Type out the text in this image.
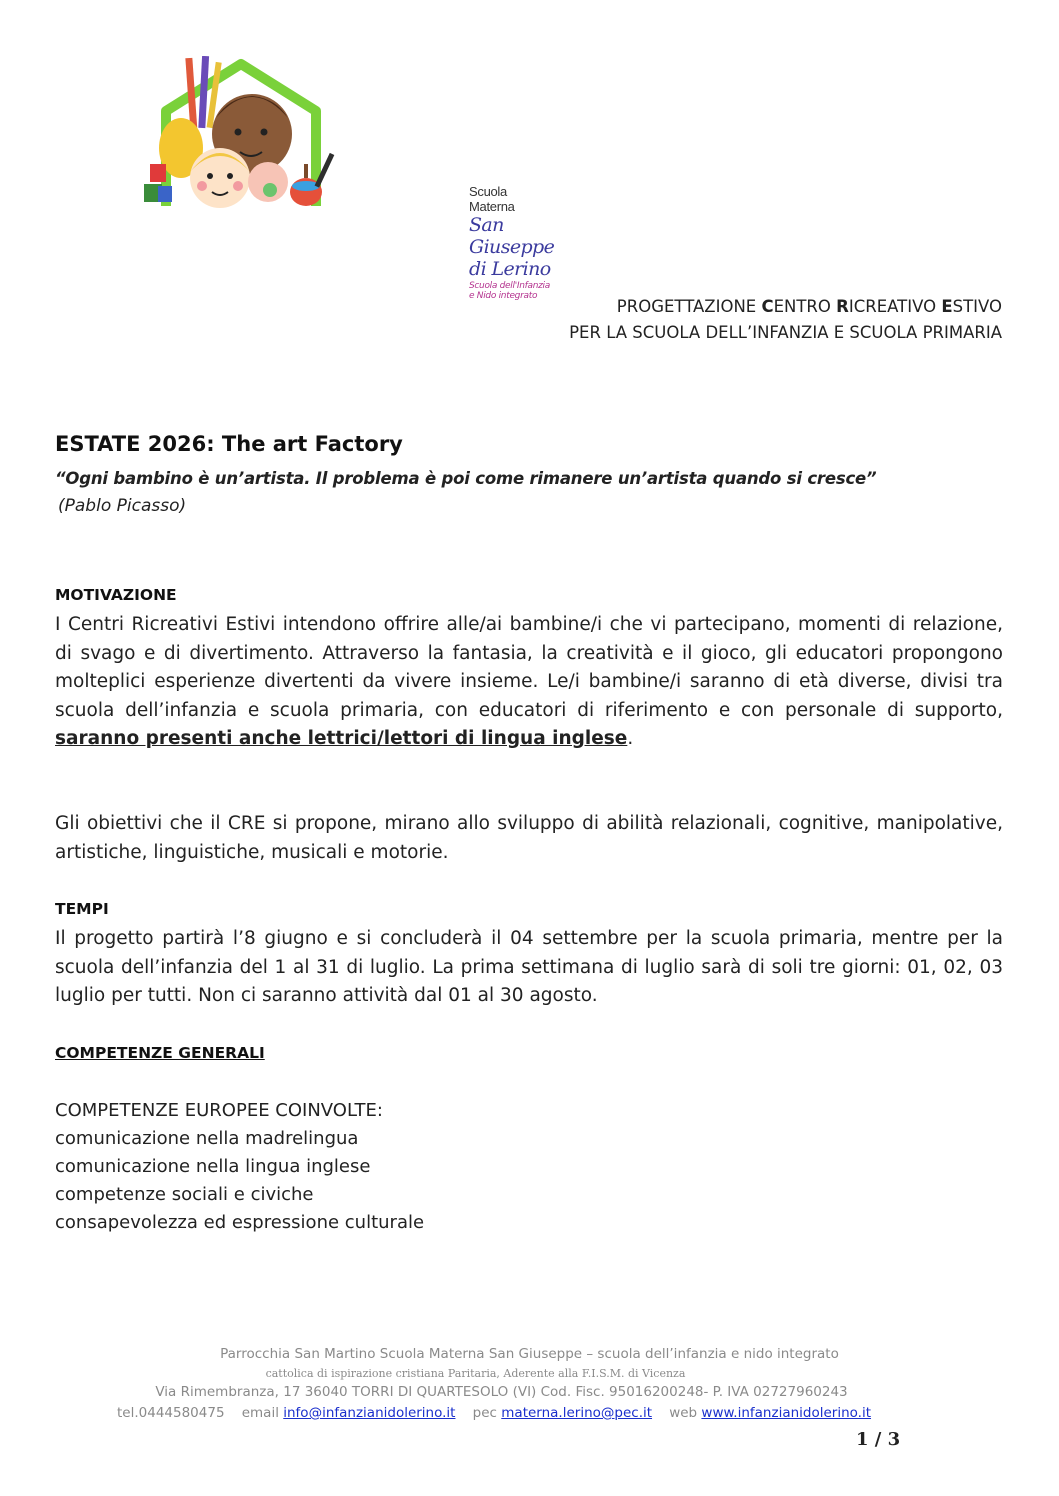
Scuola Materna
San Giuseppe di Lerino
Scuola dell'Infanzia e Nido integrato
PROGETTAZIONE CENTRO RICREATIVO ESTIVO
PER LA SCUOLA DELL’INFANZIA E SCUOLA PRIMARIA
ESTATE 2026: The art Factory
“Ogni bambino è un’artista. Il problema è poi come rimanere un’artista quando si cresce”
(Pablo Picasso)
MOTIVAZIONE
I Centri Ricreativi Estivi intendono offrire alle/ai bambine/i che vi partecipano, momenti di relazione, di svago e di divertimento. Attraverso la fantasia, la creatività e il gioco, gli educatori propongono molteplici esperienze divertenti da vivere insieme. Le/i bambine/i saranno di età diverse, divisi tra scuola dell’infanzia e scuola primaria, con educatori di riferimento e con personale di supporto, saranno presenti anche lettrici/lettori di lingua inglese.
Gli obiettivi che il CRE si propone, mirano allo sviluppo di abilità relazionali, cognitive, manipolative, artistiche, linguistiche, musicali e motorie.
TEMPI
Il progetto partirà l’8 giugno e si concluderà il 04 settembre per la scuola primaria, mentre per la scuola dell’infanzia del 1 al 31 di luglio. La prima settimana di luglio sarà di soli tre giorni: 01, 02, 03 luglio per tutti. Non ci saranno attività dal 01 al 30 agosto.
COMPETENZE GENERALI
COMPETENZE EUROPEE COINVOLTE:
comunicazione nella madrelingua
comunicazione nella lingua inglese
competenze sociali e civiche
consapevolezza ed espressione culturale
Parrocchia San Martino Scuola Materna San Giuseppe – scuola dell’infanzia e nido integrato
cattolica di ispirazione cristiana Paritaria, Aderente alla F.I.S.M. di Vicenza
Via Rimembranza, 17 36040 TORRI DI QUARTESOLO (VI) Cod. Fisc. 95016200248- P. IVA 02727960243
tel.0444580475 email info@infanzianidolerino.it pec materna.lerino@pec.it web www.infanzianidolerino.it
1 / 3
